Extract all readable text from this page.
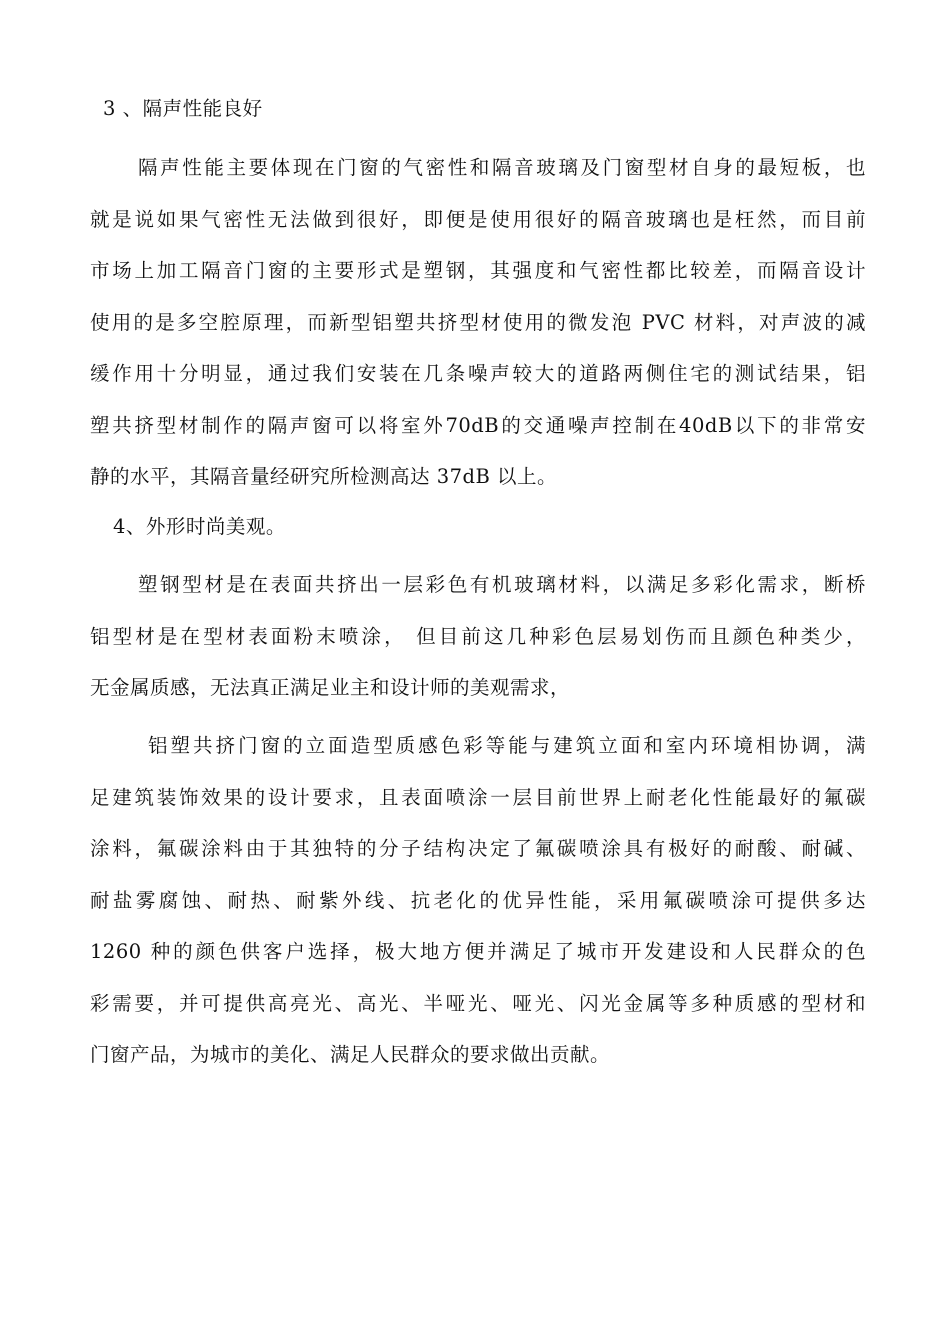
3 、隔声性能良好
隔声性能主要体现在门窗的气密性和隔音玻璃及门窗型材自身的最短板，也
就是说如果气密性无法做到很好，即便是使用很好的隔音玻璃也是枉然，而目前
市场上加工隔音门窗的主要形式是塑钢，其强度和气密性都比较差，而隔音设计
使用的是多空腔原理，而新型铝塑共挤型材使用的微发泡 PVC 材料，对声波的减
缓作用十分明显，通过我们安装在几条噪声较大的道路两侧住宅的测试结果，铝
塑共挤型材制作的隔声窗可以将室外70dB的交通噪声控制在40dB以下的非常安
静的水平，其隔音量经研究所检测高达 37dB 以上。
4、外形时尚美观。
塑钢型材是在表面共挤出一层彩色有机玻璃材料，以满足多彩化需求，断桥
铝型材是在型材表面粉末喷涂， 但目前这几种彩色层易划伤而且颜色种类少，
无金属质感，无法真正满足业主和设计师的美观需求，
铝塑共挤门窗的立面造型质感色彩等能与建筑立面和室内环境相协调，满
足建筑装饰效果的设计要求，且表面喷涂一层目前世界上耐老化性能最好的氟碳
涂料，氟碳涂料由于其独特的分子结构决定了氟碳喷涂具有极好的耐酸、耐碱、
耐盐雾腐蚀、耐热、耐紫外线、抗老化的优异性能，采用氟碳喷涂可提供多达
1260 种的颜色供客户选择，极大地方便并满足了城市开发建设和人民群众的色
彩需要，并可提供高亮光、高光、半哑光、哑光、闪光金属等多种质感的型材和
门窗产品，为城市的美化、满足人民群众的要求做出贡献。
